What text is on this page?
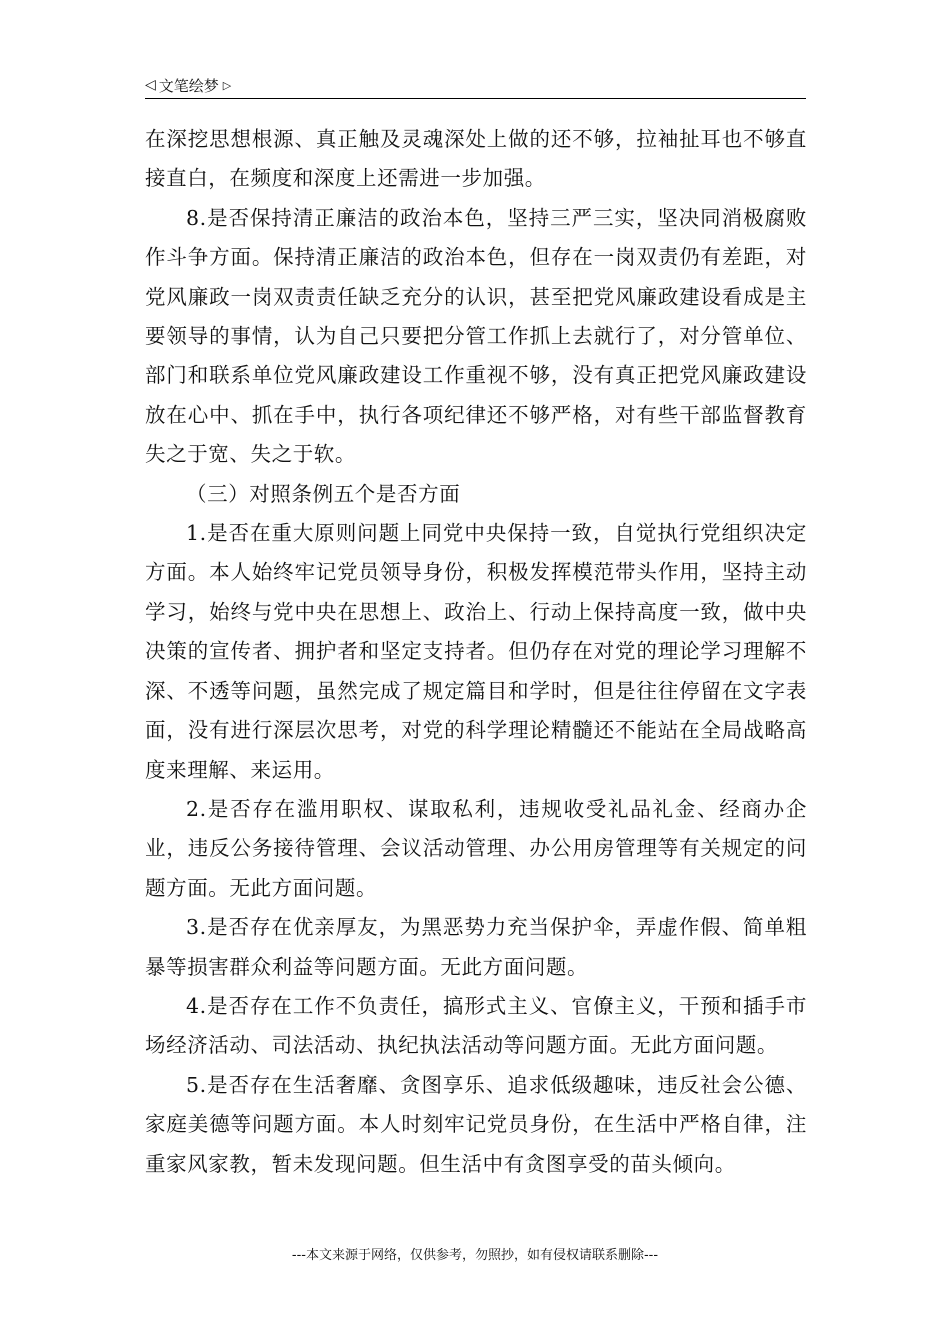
◁ 文笔绘梦 ▷

在深挖思想根源、真正触及灵魂深处上做的还不够，拉袖扯耳也不够直接直白，在频度和深度上还需进一步加强。

8.是否保持清正廉洁的政治本色，坚持三严三实，坚决同消极腐败作斗争方面。保持清正廉洁的政治本色，但存在一岗双责仍有差距，对党风廉政一岗双责责任缺乏充分的认识，甚至把党风廉政建设看成是主要领导的事情，认为自己只要把分管工作抓上去就行了，对分管单位、部门和联系单位党风廉政建设工作重视不够，没有真正把党风廉政建设放在心中、抓在手中，执行各项纪律还不够严格，对有些干部监督教育失之于宽、失之于软。

（三）对照条例五个是否方面

1.是否在重大原则问题上同党中央保持一致，自觉执行党组织决定方面。本人始终牢记党员领导身份，积极发挥模范带头作用，坚持主动学习，始终与党中央在思想上、政治上、行动上保持高度一致，做中央决策的宣传者、拥护者和坚定支持者。但仍存在对党的理论学习理解不深、不透等问题，虽然完成了规定篇目和学时，但是往往停留在文字表面，没有进行深层次思考，对党的科学理论精髓还不能站在全局战略高度来理解、来运用。

2.是否存在滥用职权、谋取私利，违规收受礼品礼金、经商办企业，违反公务接待管理、会议活动管理、办公用房管理等有关规定的问题方面。无此方面问题。

3.是否存在优亲厚友，为黑恶势力充当保护伞，弄虚作假、简单粗暴等损害群众利益等问题方面。无此方面问题。

4.是否存在工作不负责任，搞形式主义、官僚主义，干预和插手市场经济活动、司法活动、执纪执法活动等问题方面。无此方面问题。

5.是否存在生活奢靡、贪图享乐、追求低级趣味，违反社会公德、家庭美德等问题方面。本人时刻牢记党员身份，在生活中严格自律，注重家风家教，暂未发现问题。但生活中有贪图享受的苗头倾向。

---本文来源于网络，仅供参考，勿照抄，如有侵权请联系删除---
